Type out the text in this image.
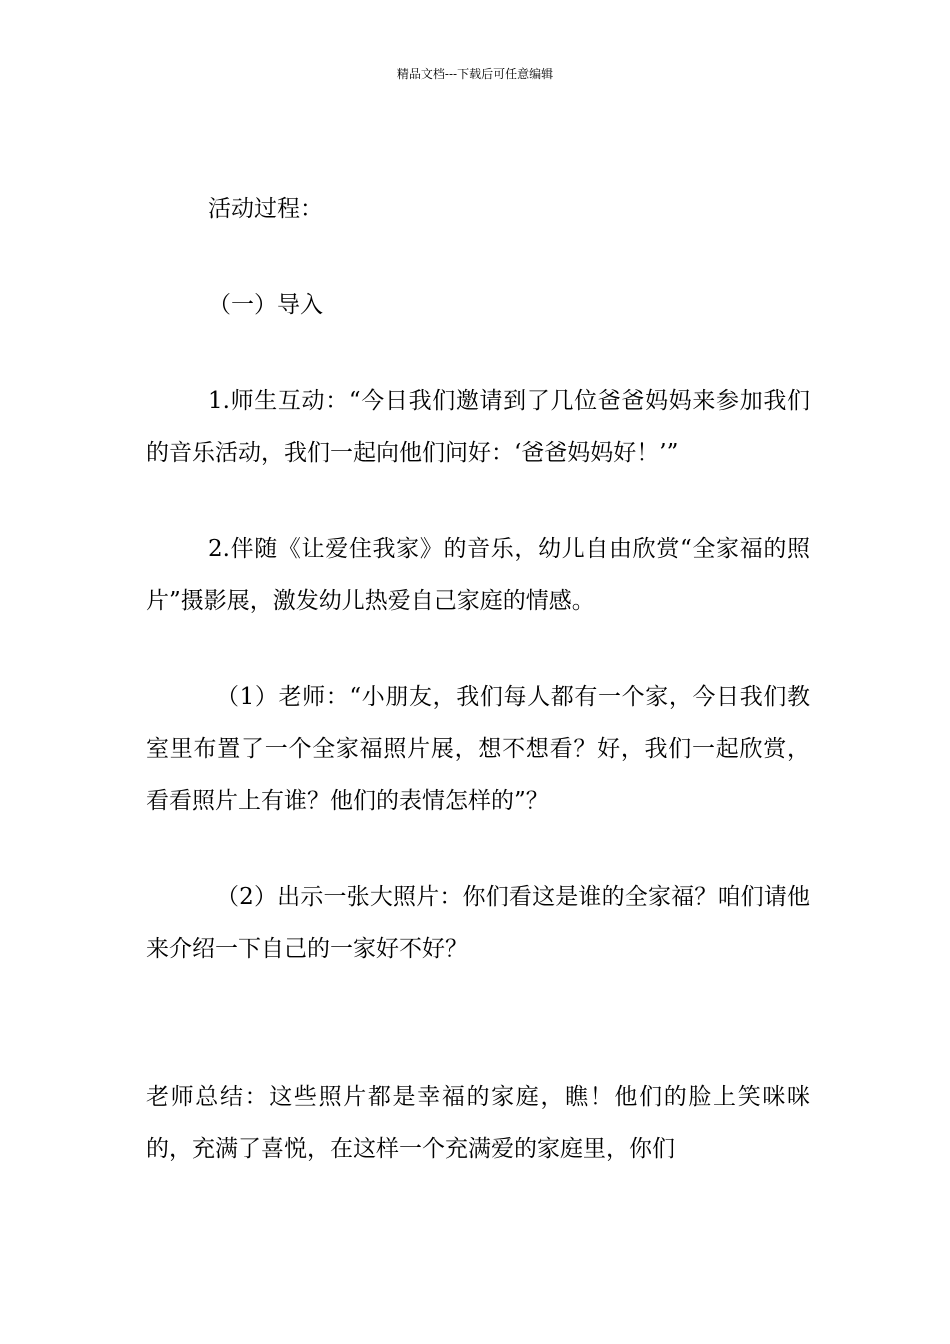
精品文档---下载后可任意编辑

活动过程：

（一）导入

1.师生互动：“今日我们邀请到了几位爸爸妈妈来参加我们的音乐活动，我们一起向他们问好：‘爸爸妈妈好！’”

2.伴随《让爱住我家》的音乐，幼儿自由欣赏“全家福的照片”摄影展，激发幼儿热爱自己家庭的情感。

（1）老师：“小朋友，我们每人都有一个家，今日我们教室里布置了一个全家福照片展，想不想看？好，我们一起欣赏，看看照片上有谁？他们的表情怎样的”？

（2）出示一张大照片：你们看这是谁的全家福？咱们请他来介绍一下自己的一家好不好？

老师总结：这些照片都是幸福的家庭，瞧！他们的脸上笑咪咪的，充满了喜悦，在这样一个充满爱的家庭里，你们
